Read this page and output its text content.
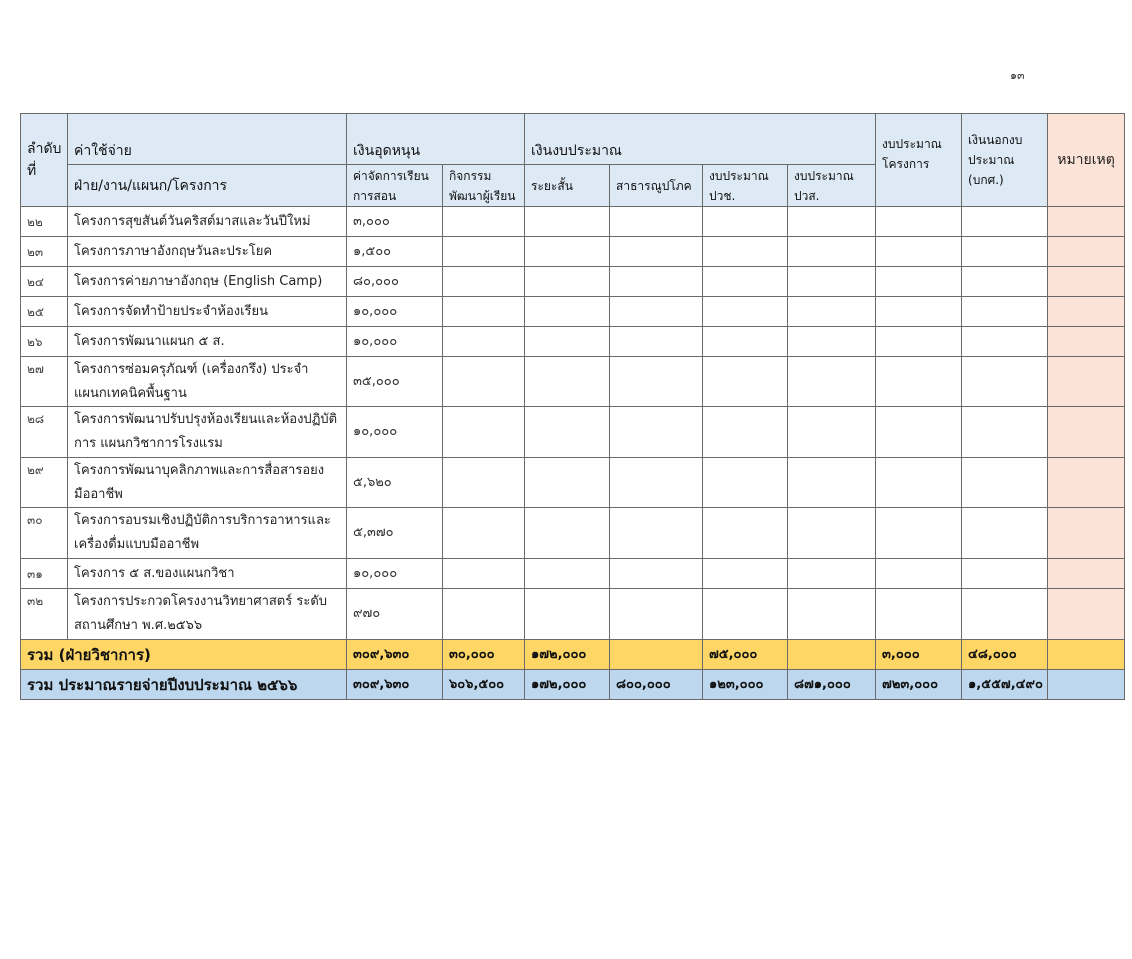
๑๓
ลำดับที่	ค่าใช้จ่าย	เงินอุดหนุน		เงินงบประมาณ				งบประมาณโครงการ	เงินนอกงบประมาณ (บกศ.)	หมายเหตุ
	ฝ่าย/งาน/แผนก/โครงการ	ค่าจัดการเรียนการสอน	กิจกรรมพัฒนาผู้เรียน	ระยะสั้น	สาธารณูปโภค	งบประมาณ ปวช.	งบประมาณ ปวส.			
๒๒	โครงการสุขสันต์วันคริสต์มาสและวันปีใหม่	๓,๐๐๐								
๒๓	โครงการภาษาอังกฤษวันละประโยค	๑,๕๐๐								
๒๔	โครงการค่ายภาษาอังกฤษ (English Camp)	๘๐,๐๐๐								
๒๕	โครงการจัดทำป้ายประจำห้องเรียน	๑๐,๐๐๐								
๒๖	โครงการพัฒนาแผนก ๕ ส.	๑๐,๐๐๐								
๒๗	โครงการซ่อมครุภัณฑ์ (เครื่องกรึง) ประจำแผนกเทคนิคพื้นฐาน	๓๕,๐๐๐								
๒๘	โครงการพัฒนาปรับปรุงห้องเรียนและห้องปฏิบัติการ แผนกวิชาการโรงแรม	๑๐,๐๐๐								
๒๙	โครงการพัฒนาบุคลิกภาพและการสื่อสารอยงมืออาชีพ	๕,๖๒๐								
๓๐	โครงการอบรมเชิงปฏิบัติการบริการอาหารและเครื่องดื่มแบบมืออาชีพ	๕,๓๗๐								
๓๑	โครงการ ๕ ส.ของแผนกวิชา	๑๐,๐๐๐								
๓๒	โครงการประกวดโครงงานวิทยาศาสตร์ ระดับสถานศึกษา พ.ศ.๒๕๖๖	๙๗๐								
รวม (ฝ่ายวิชาการ)		๓๐๙,๖๓๐	๓๐,๐๐๐	๑๗๒,๐๐๐		๗๕,๐๐๐		๓,๐๐๐	๔๘,๐๐๐	
รวม ประมาณรายจ่ายปีงบประมาณ ๒๕๖๖		๓๐๙,๖๓๐	๖๐๖,๕๐๐	๑๗๒,๐๐๐	๘๐๐,๐๐๐	๑๒๓,๐๐๐	๘๗๑,๐๐๐	๗๒๓,๐๐๐	๑,๕๕๗,๔๙๐	
